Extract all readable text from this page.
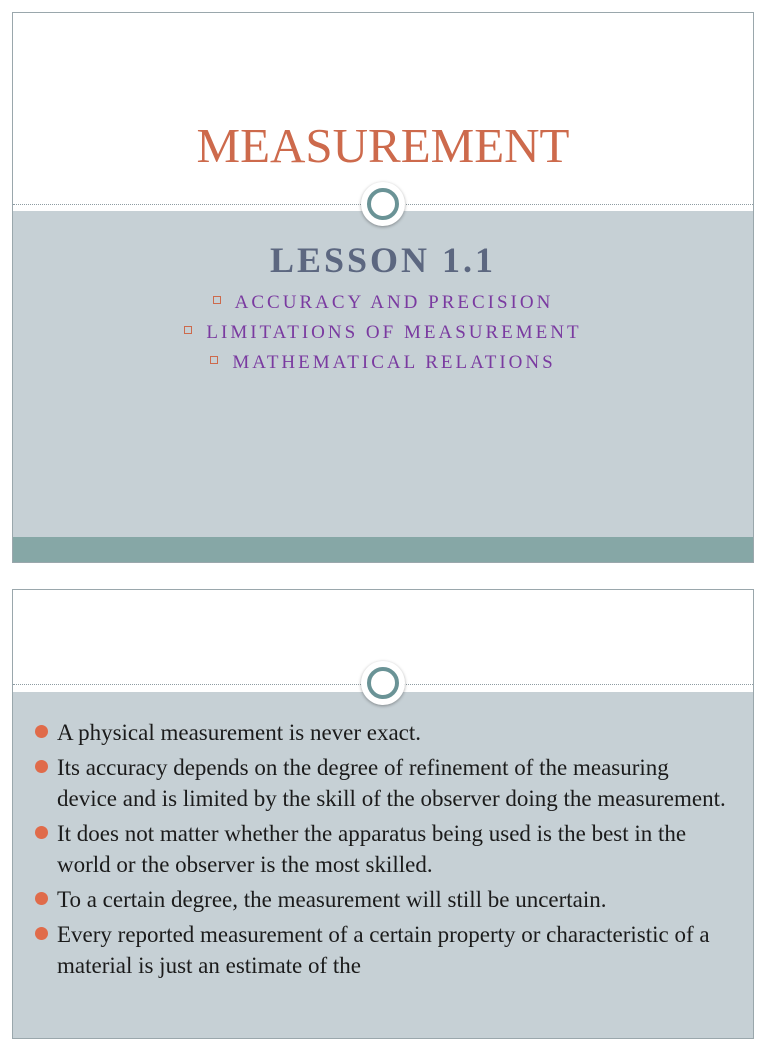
MEASUREMENT
LESSON 1.1
ACCURACY AND PRECISION
LIMITATIONS OF MEASUREMENT
MATHEMATICAL RELATIONS
A physical measurement is never exact.
Its accuracy depends on the degree of refinement of the measuring device and is limited by the skill of the observer doing the measurement.
It does not matter whether the apparatus being used is the best in the world or the observer is the most skilled.
To a certain degree, the measurement will still be uncertain.
Every reported measurement of a certain property or characteristic of a material is just an estimate of the
